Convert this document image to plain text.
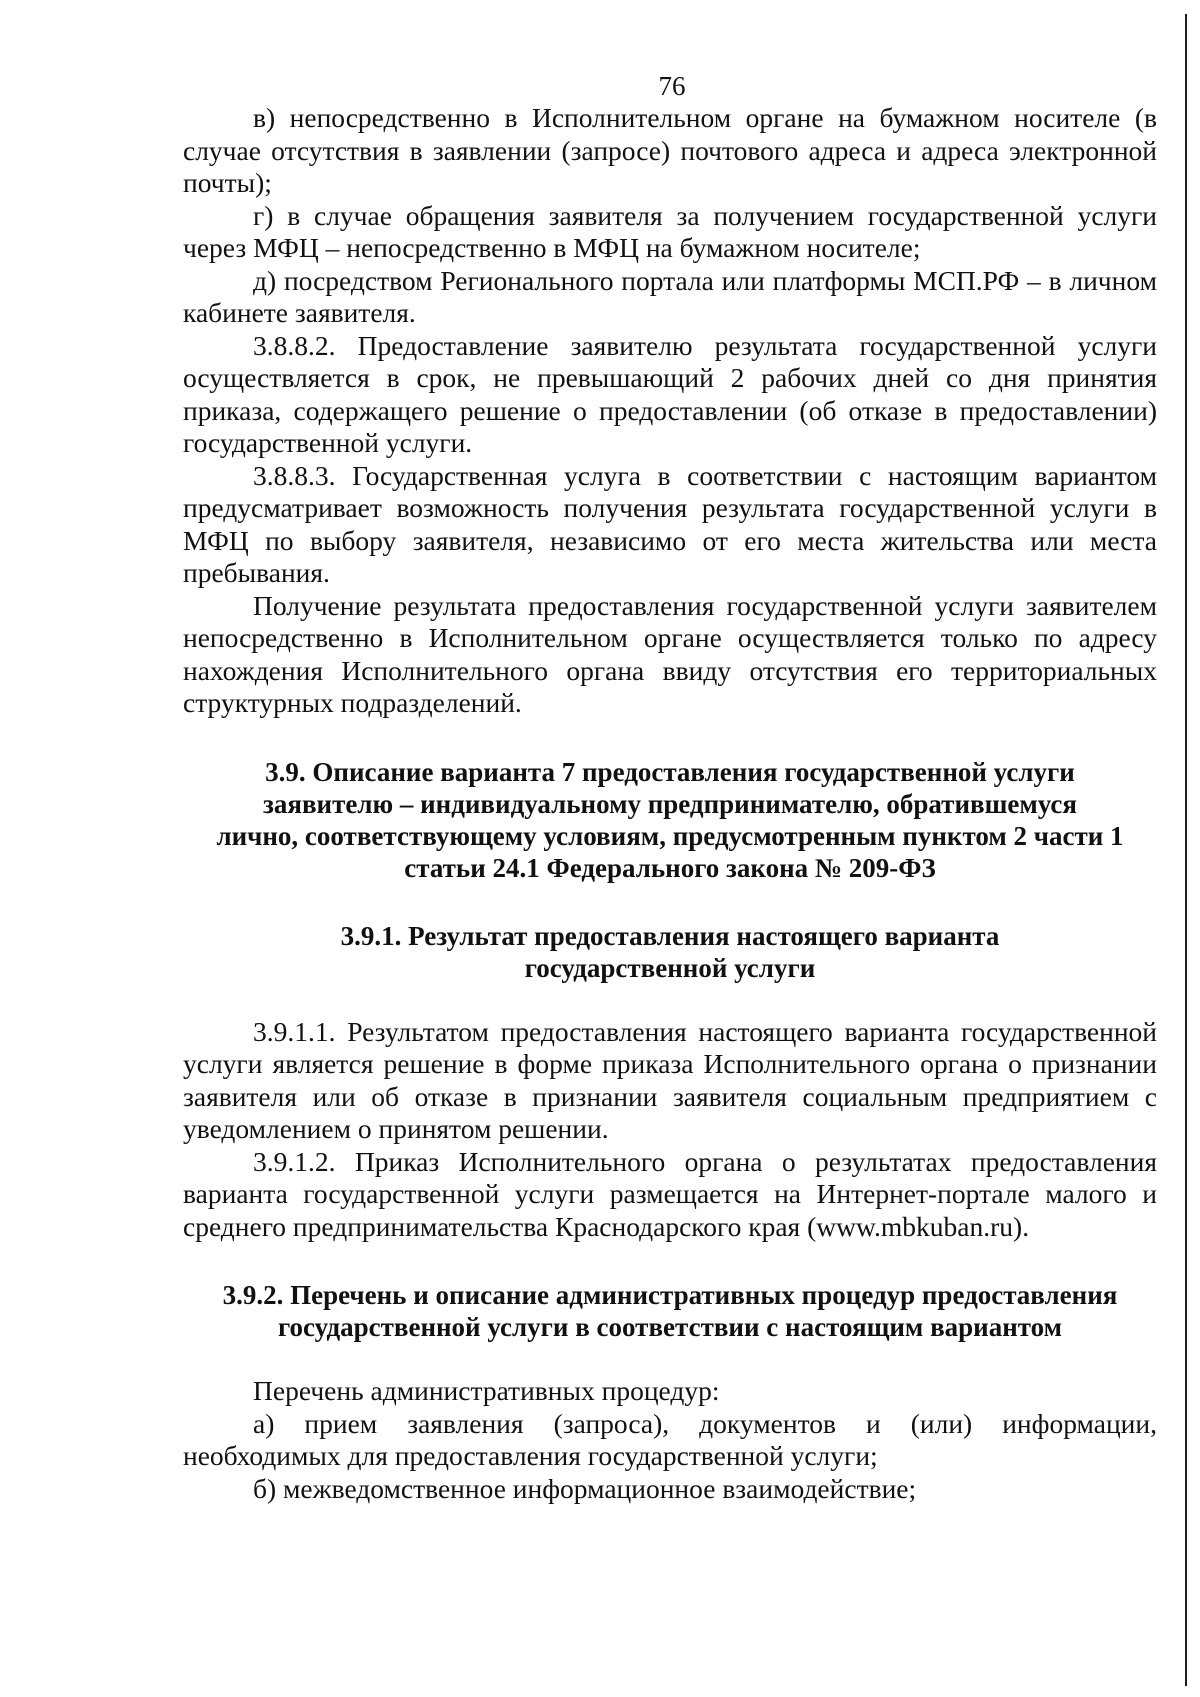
76

в) непосредственно в Исполнительном органе на бумажном носителе (в случае отсутствия в заявлении (запросе) почтового адреса и адреса электронной почты);

г) в случае обращения заявителя за получением государственной услуги через МФЦ – непосредственно в МФЦ на бумажном носителе;

д) посредством Регионального портала или платформы МСП.РФ – в личном кабинете заявителя.

3.8.8.2. Предоставление заявителю результата государственной услуги осуществляется в срок, не превышающий 2 рабочих дней со дня принятия приказа, содержащего решение о предоставлении (об отказе в предоставлении) государственной услуги.

3.8.8.3. Государственная услуга в соответствии с настоящим вариантом предусматривает возможность получения результата государственной услуги в МФЦ по выбору заявителя, независимо от его места жительства или места пребывания.

Получение результата предоставления государственной услуги заявителем непосредственно в Исполнительном органе осуществляется только по адресу нахождения Исполнительного органа ввиду отсутствия его территориальных структурных подразделений.

3.9. Описание варианта 7 предоставления государственной услуги

заявителю – индивидуальному предпринимателю, обратившемуся

лично, соответствующему условиям, предусмотренным пунктом 2 части 1

статьи 24.1 Федерального закона № 209-ФЗ

3.9.1. Результат предоставления настоящего варианта

государственной услуги

3.9.1.1. Результатом предоставления настоящего варианта государственной услуги является решение в форме приказа Исполнительного органа о признании заявителя или об отказе в признании заявителя социальным предприятием с уведомлением о принятом решении.

3.9.1.2. Приказ Исполнительного органа о результатах предоставления варианта государственной услуги размещается на Интернет-портале малого и среднего предпринимательства Краснодарского края (www.mbkuban.ru).

3.9.2. Перечень и описание административных процедур предоставления

государственной услуги в соответствии с настоящим вариантом

Перечень административных процедур:

а) прием заявления (запроса), документов и (или) информации, необходимых для предоставления государственной услуги;

б) межведомственное информационное взаимодействие;
